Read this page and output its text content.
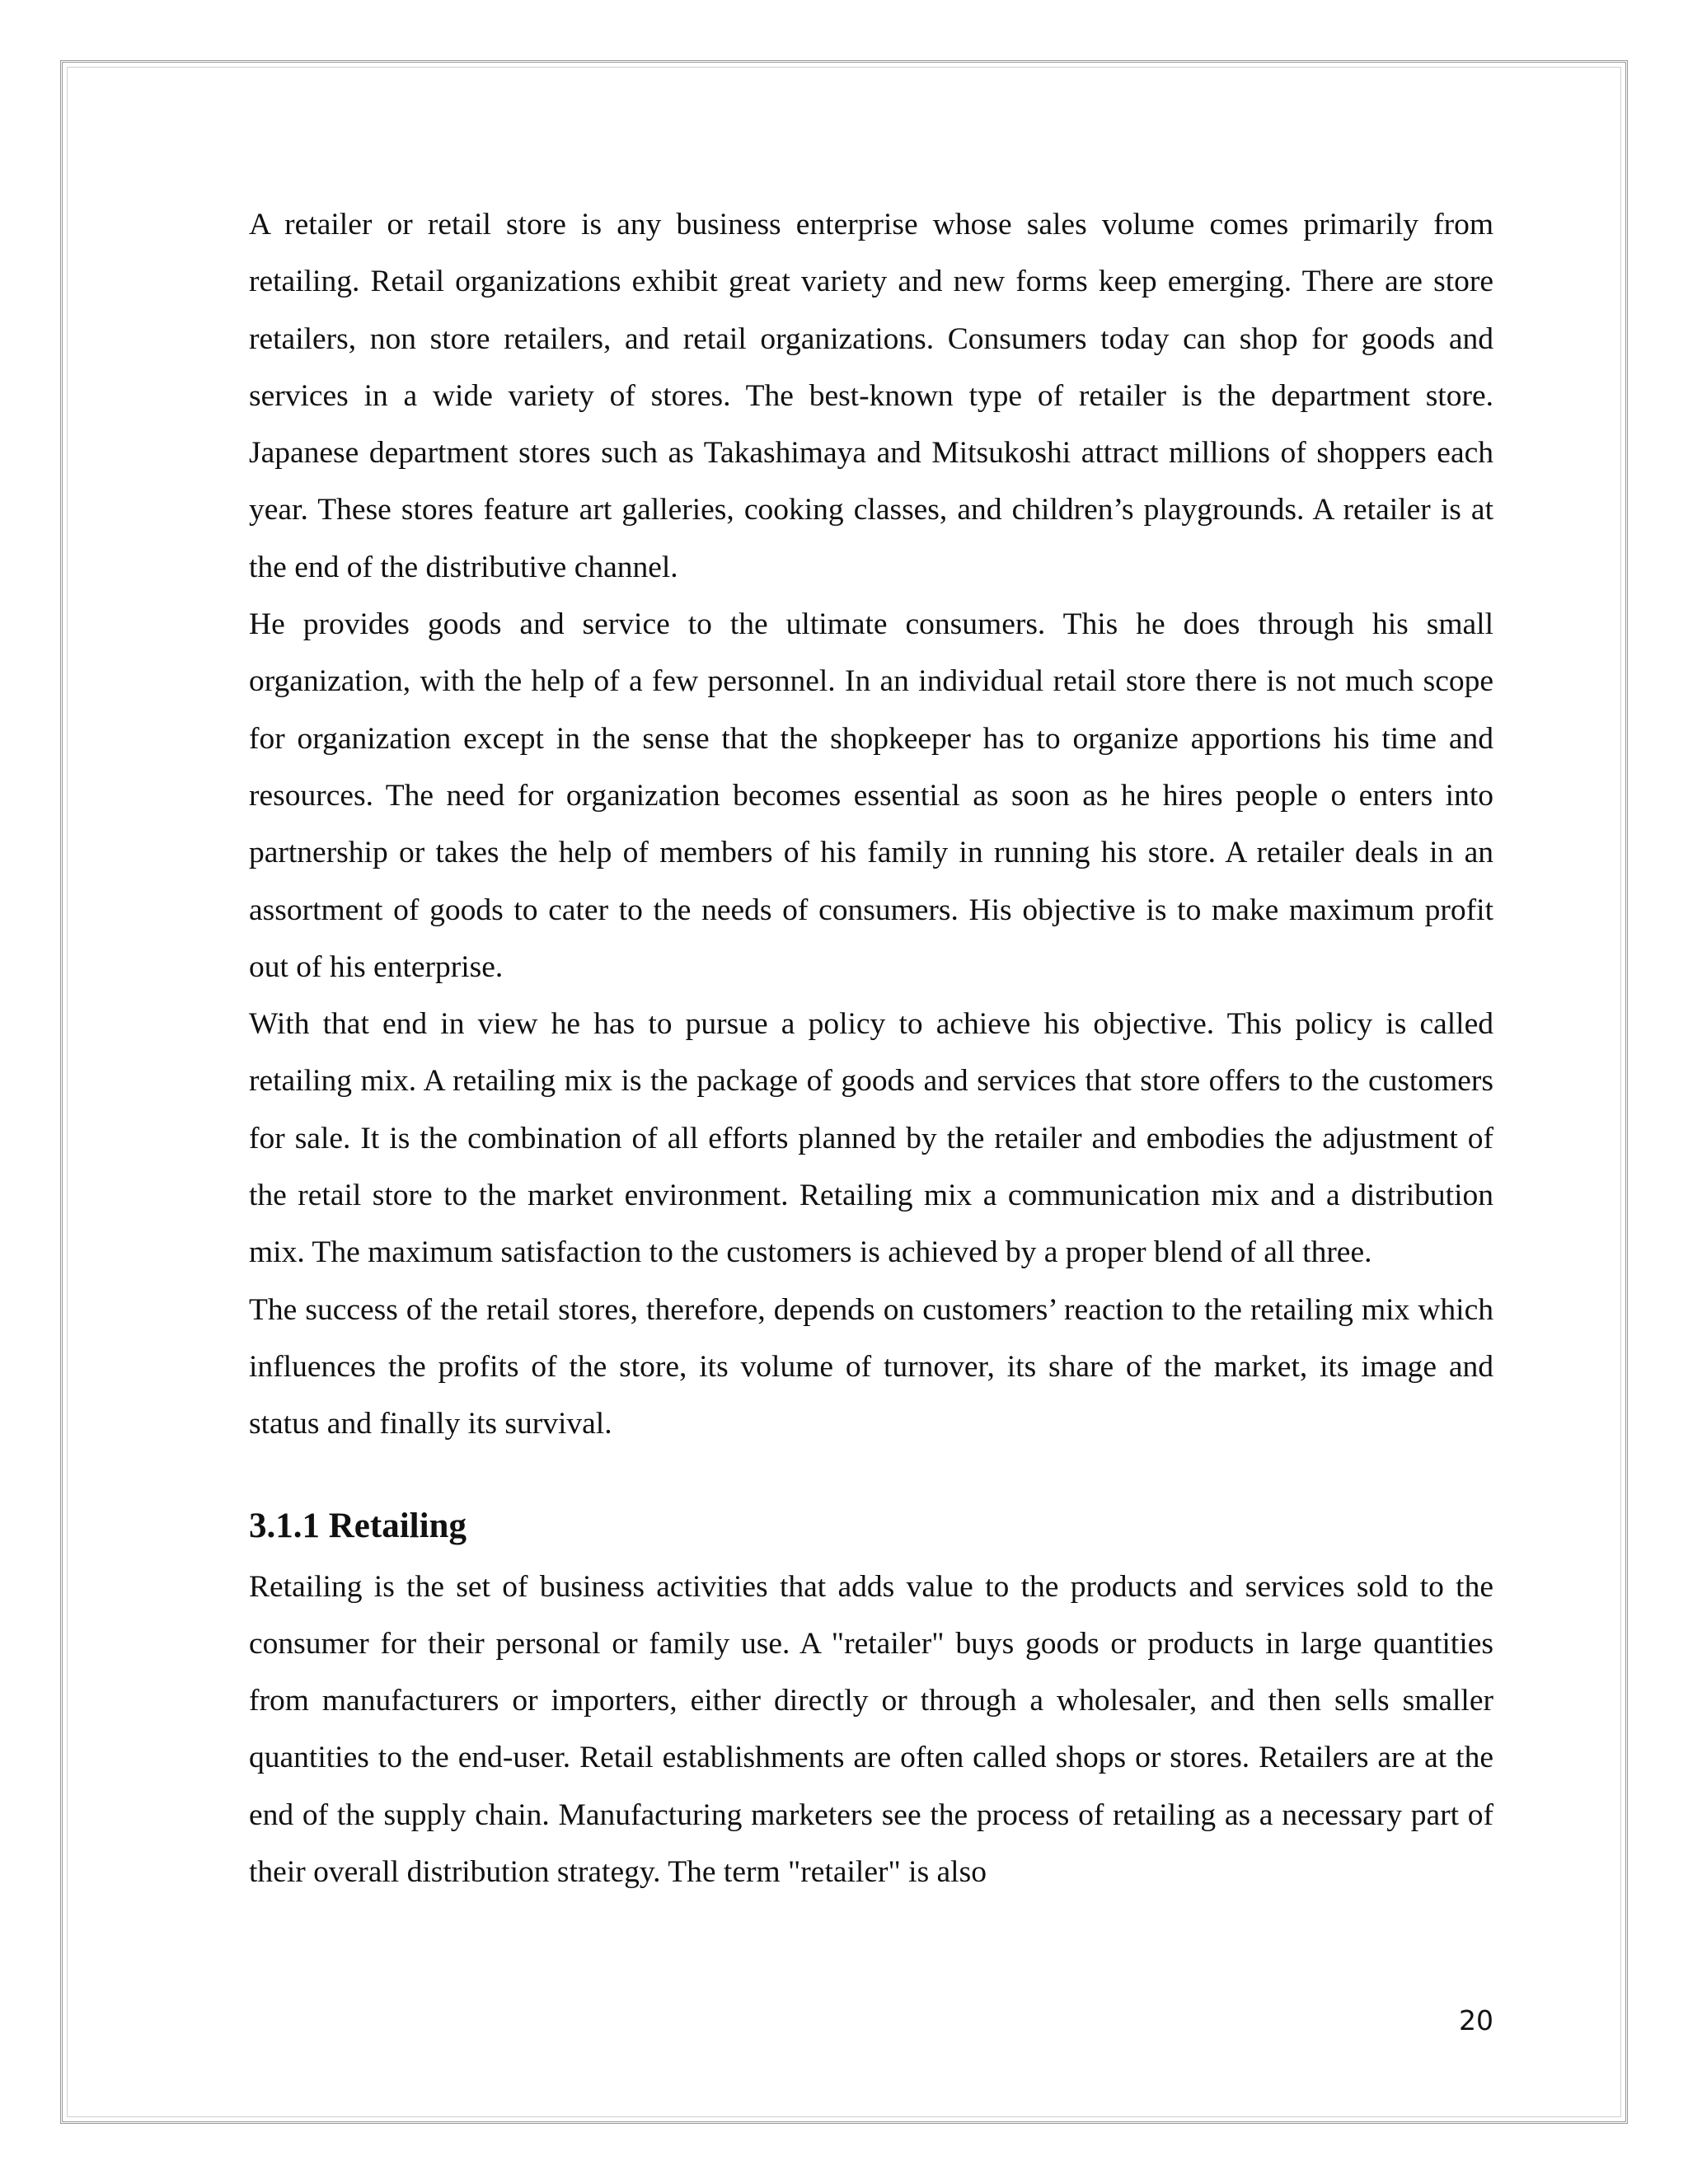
A retailer or retail store is any business enterprise whose sales volume comes primarily from retailing. Retail organizations exhibit great variety and new forms keep emerging. There are store retailers, non store retailers, and retail organizations. Consumers today can shop for goods and services in a wide variety of stores. The best-known type of retailer is the department store. Japanese department stores such as Takashimaya and Mitsukoshi attract millions of shoppers each year. These stores feature art galleries, cooking classes, and children’s playgrounds. A retailer is at the end of the distributive channel.

He provides goods and service to the ultimate consumers. This he does through his small organization, with the help of a few personnel. In an individual retail store there is not much scope for organization except in the sense that the shopkeeper has to organize apportions his time and resources. The need for organization becomes essential as soon as he hires people o enters into partnership or takes the help of members of his family in running his store. A retailer deals in an assortment of goods to cater to the needs of consumers. His objective is to make maximum profit out of his enterprise.

With that end in view he has to pursue a policy to achieve his objective. This policy is called retailing mix. A retailing mix is the package of goods and services that store offers to the customers for sale. It is the combination of all efforts planned by the retailer and embodies the adjustment of the retail store to the market environment. Retailing mix a communication mix and a distribution mix. The maximum satisfaction to the customers is achieved by a proper blend of all three.

The success of the retail stores, therefore, depends on customers’ reaction to the retailing mix which influences the profits of the store, its volume of turnover, its share of the market, its image and status and finally its survival.

3.1.1 Retailing

Retailing is the set of business activities that adds value to the products and services sold to the consumer for their personal or family use. A "retailer" buys goods or products in large quantities from manufacturers or importers, either directly or through a wholesaler, and then sells smaller quantities to the end-user. Retail establishments are often called shops or stores. Retailers are at the end of the supply chain. Manufacturing marketers see the process of retailing as a necessary part of their overall distribution strategy. The term "retailer" is also

20
